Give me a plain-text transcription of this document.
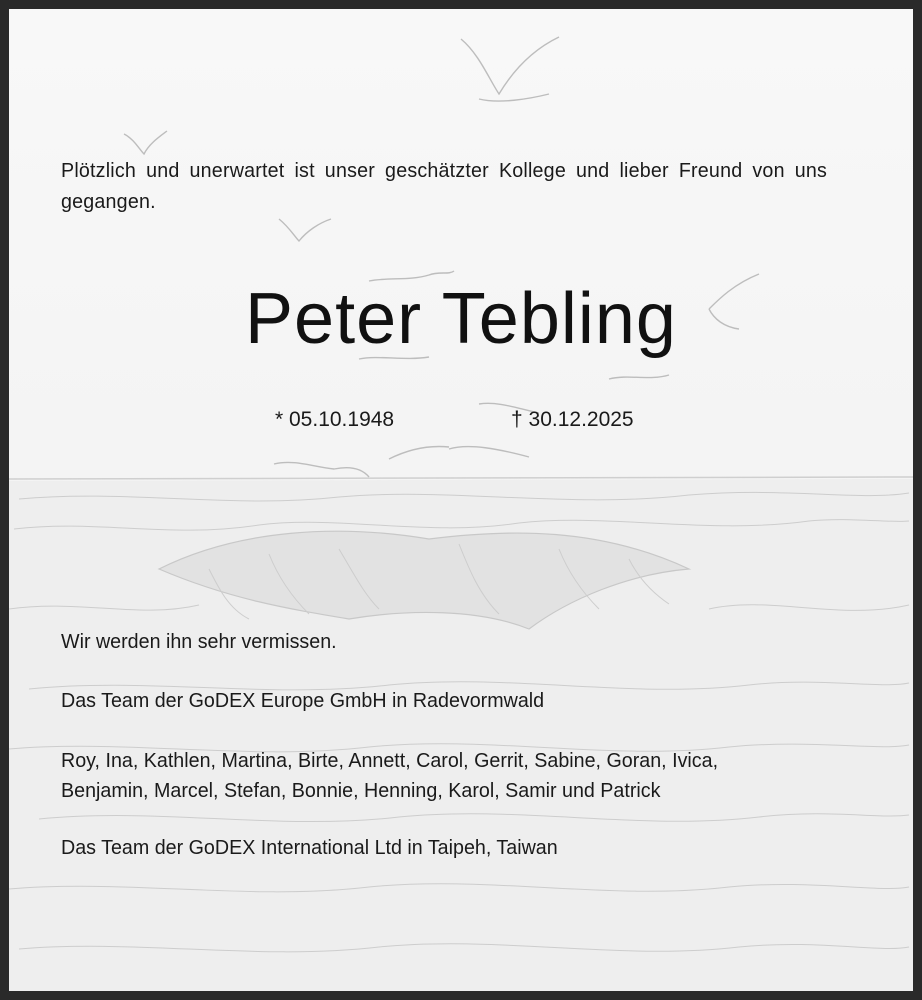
Plötzlich und unerwartet ist unser geschätzter Kollege und lieber Freund von uns gegangen.
Peter Tebling
* 05.10.1948	† 30.12.2025
Wir werden ihn sehr vermissen.
Das Team der GoDEX Europe GmbH in Radevormwald
Roy, Ina, Kathlen, Martina, Birte, Annett, Carol, Gerrit, Sabine, Goran, Ivica,
Benjamin, Marcel, Stefan, Bonnie, Henning, Karol, Samir und Patrick
Das Team der GoDEX International Ltd in Taipeh, Taiwan
